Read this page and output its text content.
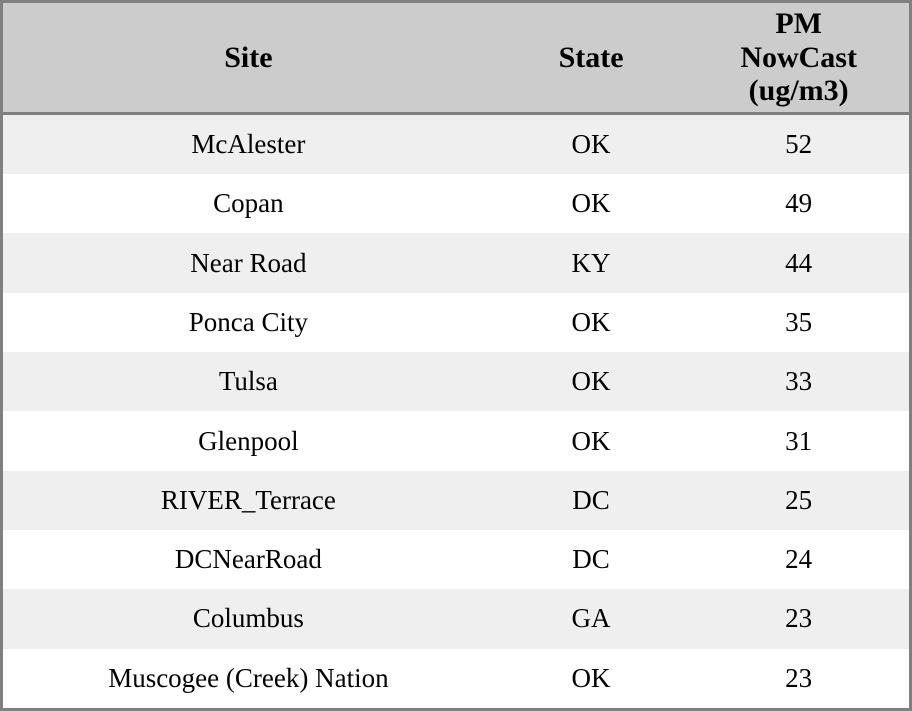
Site	State	PM
NowCast
(ug/m3)

McAlester	OK	52
Copan	OK	49
Near Road	KY	44
Ponca City	OK	35
Tulsa	OK	33
Glenpool	OK	31
RIVER_Terrace	DC	25
DCNearRoad	DC	24
Columbus	GA	23
Muscogee (Creek) Nation	OK	23
